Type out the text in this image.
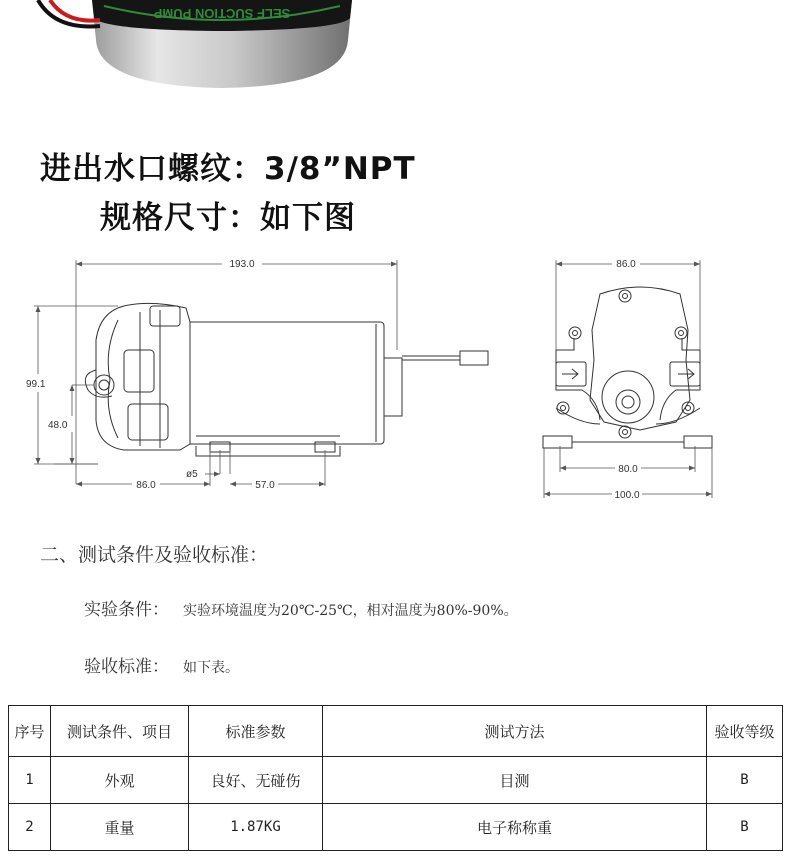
SELF SUCTION PUMP
进出水口螺纹：3/8”NPT
规格尺寸：如下图
193.0
99.1
48.0
86.0
ø5
57.0
86.0
80.0
100.0
二、测试条件及验收标准：
实验条件： 实验环境温度为20℃-25℃，相对温度为80%-90%。
验收标准： 如下表。
序号	测试条件、项目	标准参数	测试方法	验收等级
1	外观	良好、无碰伤	目测	B
2	重量	1.87KG	电子称称重	B
